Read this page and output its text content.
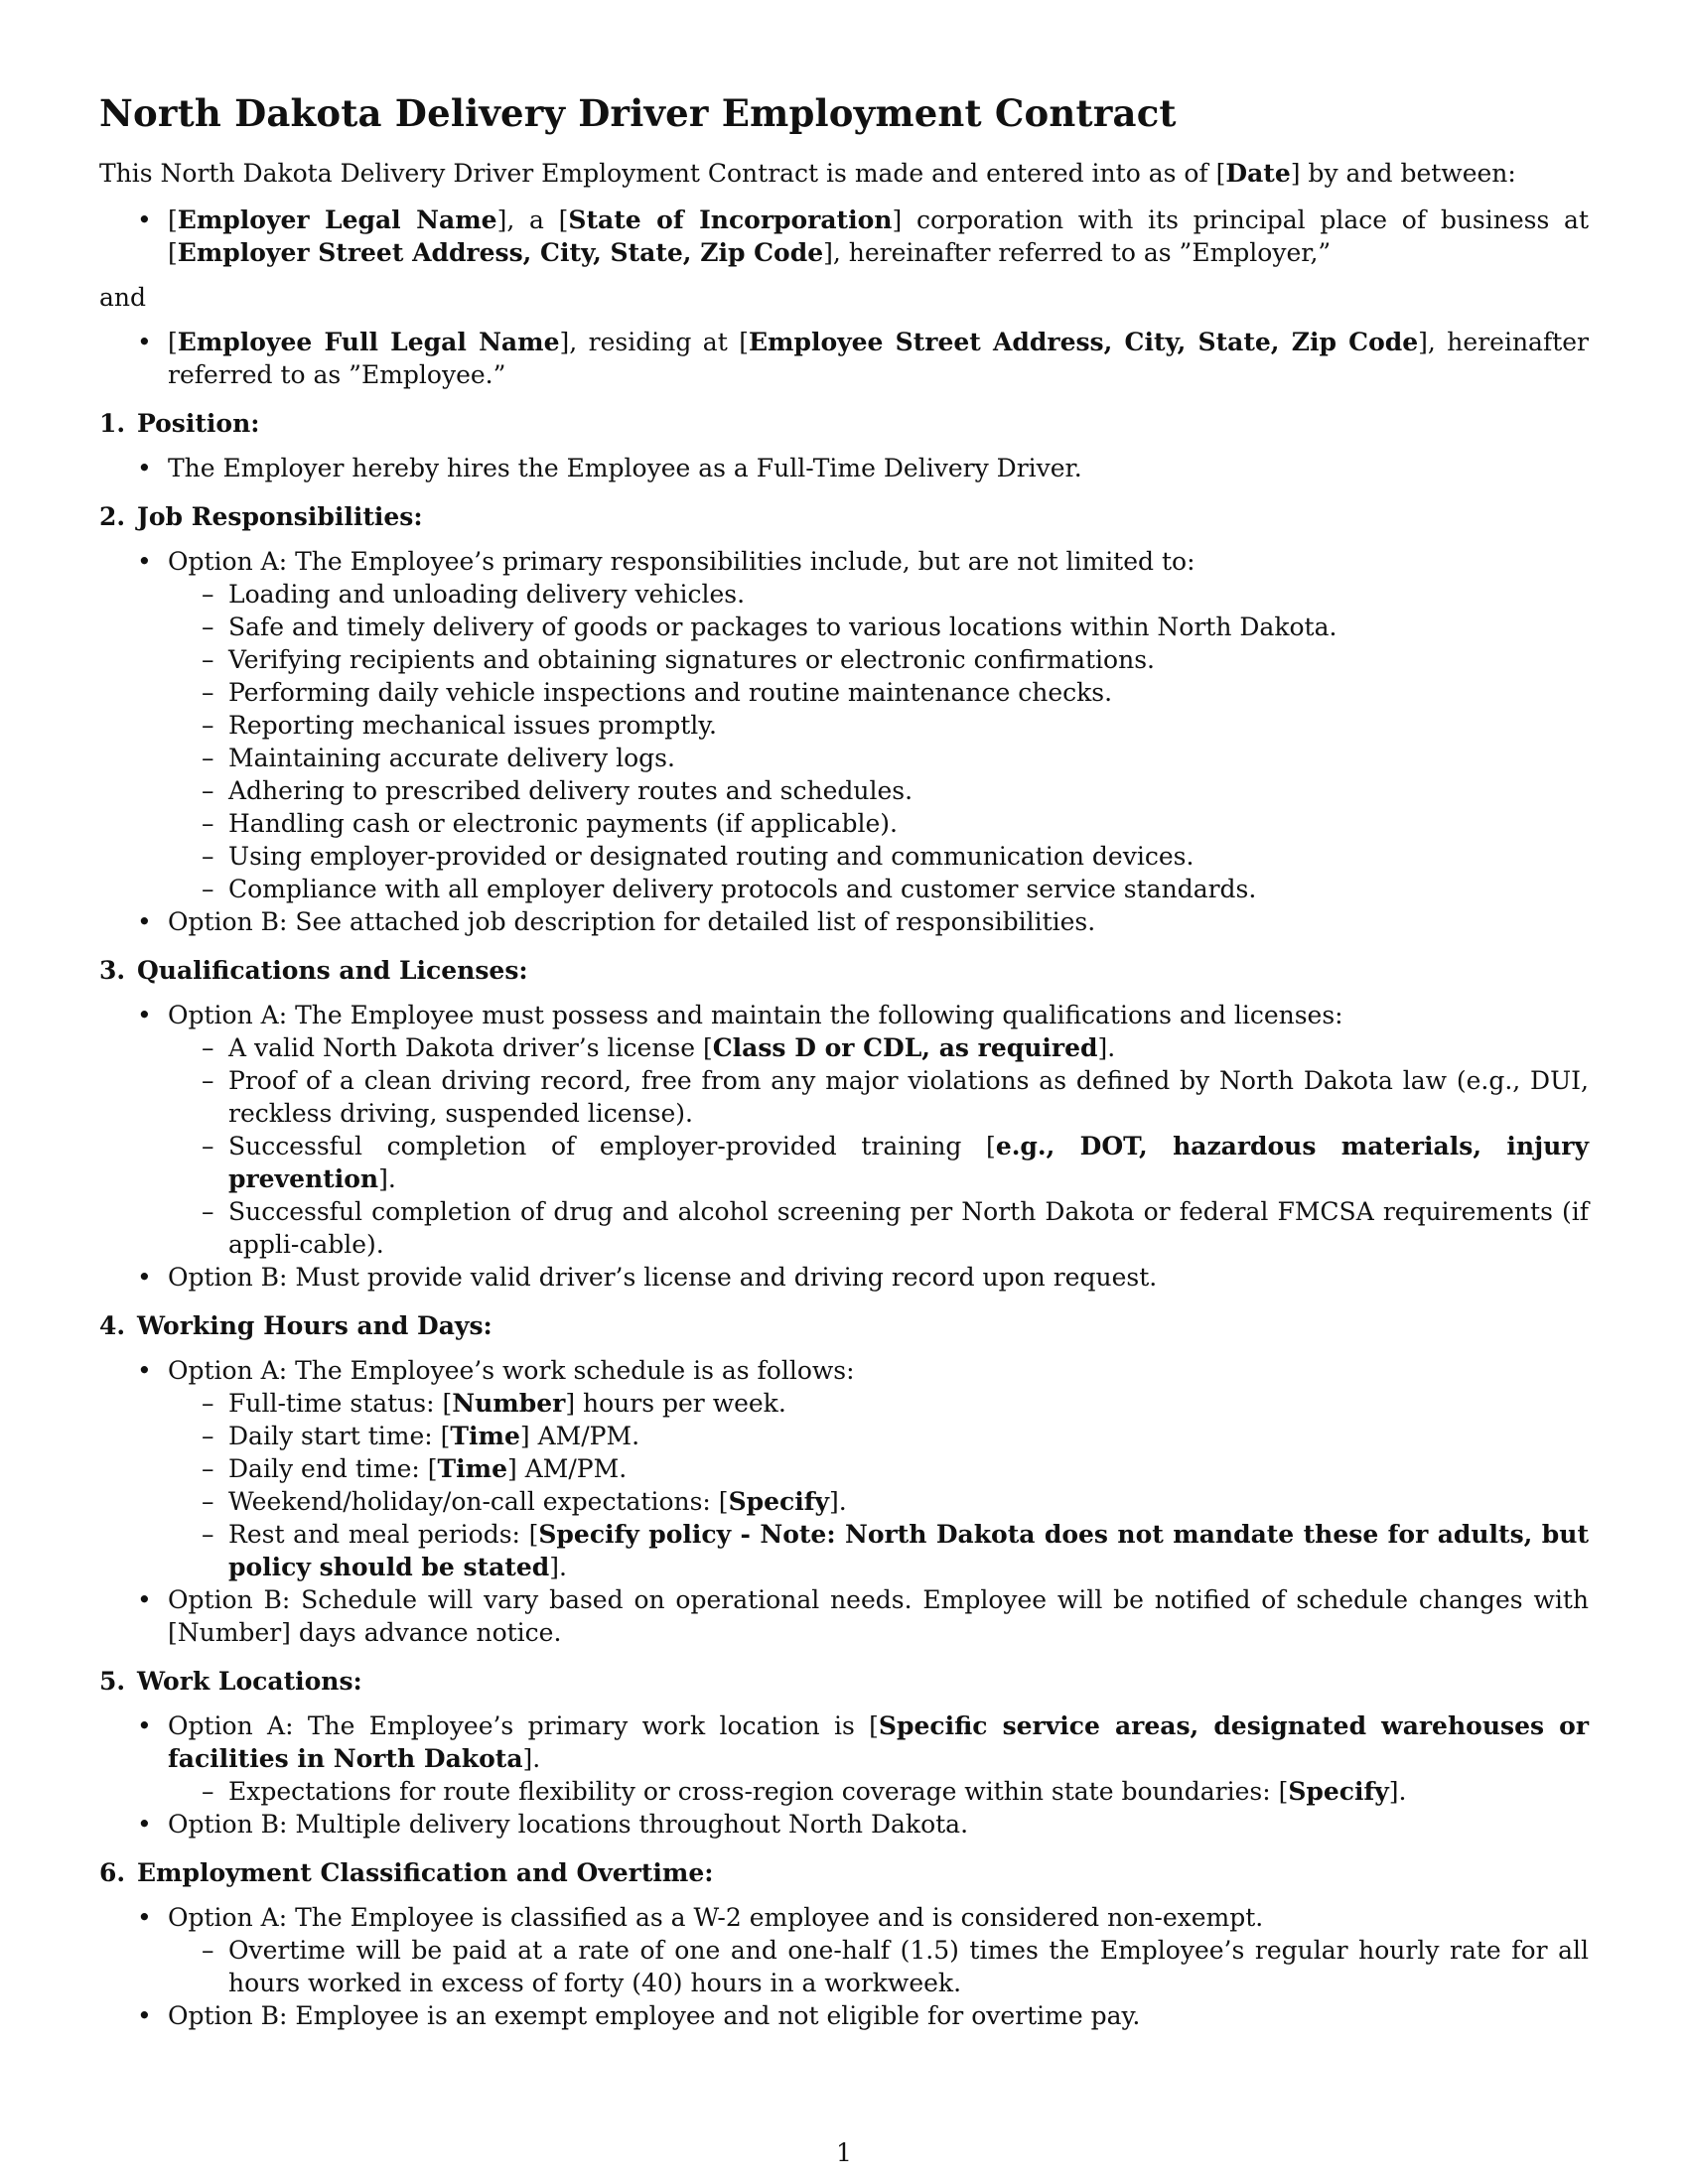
North Dakota Delivery Driver Employment Contract

This North Dakota Delivery Driver Employment Contract is made and entered into as of [Date] by and between:

• [Employer Legal Name], a [State of Incorporation] corporation with its principal place of business at [Employer Street Address, City, State, Zip Code], hereinafter referred to as ”Employer,”

and

• [Employee Full Legal Name], residing at [Employee Street Address, City, State, Zip Code], hereinafter referred to as ”Employee.”
1. Position:
• The Employer hereby hires the Employee as a Full-Time Delivery Driver.
2. Job Responsibilities:
• Option A: The Employee’s primary responsibilities include, but are not limited to:
– Loading and unloading delivery vehicles.
– Safe and timely delivery of goods or packages to various locations within North Dakota.
– Verifying recipients and obtaining signatures or electronic confirmations.
– Performing daily vehicle inspections and routine maintenance checks.
– Reporting mechanical issues promptly.
– Maintaining accurate delivery logs.
– Adhering to prescribed delivery routes and schedules.
– Handling cash or electronic payments (if applicable).
– Using employer-provided or designated routing and communication devices.
– Compliance with all employer delivery protocols and customer service standards.
• Option B: See attached job description for detailed list of responsibilities.
3. Qualifications and Licenses:
• Option A: The Employee must possess and maintain the following qualifications and licenses:
– A valid North Dakota driver’s license [Class D or CDL, as required].
– Proof of a clean driving record, free from any major violations as defined by North Dakota law (e.g., DUI, reckless driving, suspended license).
– Successful completion of employer-provided training [e.g., DOT, hazardous materials, injury prevention].
– Successful completion of drug and alcohol screening per North Dakota or federal FMCSA requirements (if appli-cable).
• Option B: Must provide valid driver’s license and driving record upon request.
4. Working Hours and Days:
• Option A: The Employee’s work schedule is as follows:
– Full-time status: [Number] hours per week.
– Daily start time: [Time] AM/PM.
– Daily end time: [Time] AM/PM.
– Weekend/holiday/on-call expectations: [Specify].
– Rest and meal periods: [Specify policy - Note: North Dakota does not mandate these for adults, but policy should be stated].
• Option B: Schedule will vary based on operational needs. Employee will be notified of schedule changes with [Number] days advance notice.
5. Work Locations:
• Option A: The Employee’s primary work location is [Specific service areas, designated warehouses or facilities in North Dakota].
– Expectations for route flexibility or cross-region coverage within state boundaries: [Specify].
• Option B: Multiple delivery locations throughout North Dakota.
6. Employment Classification and Overtime:
• Option A: The Employee is classified as a W-2 employee and is considered non-exempt.
– Overtime will be paid at a rate of one and one-half (1.5) times the Employee’s regular hourly rate for all hours worked in excess of forty (40) hours in a workweek.
• Option B: Employee is an exempt employee and not eligible for overtime pay.
1
